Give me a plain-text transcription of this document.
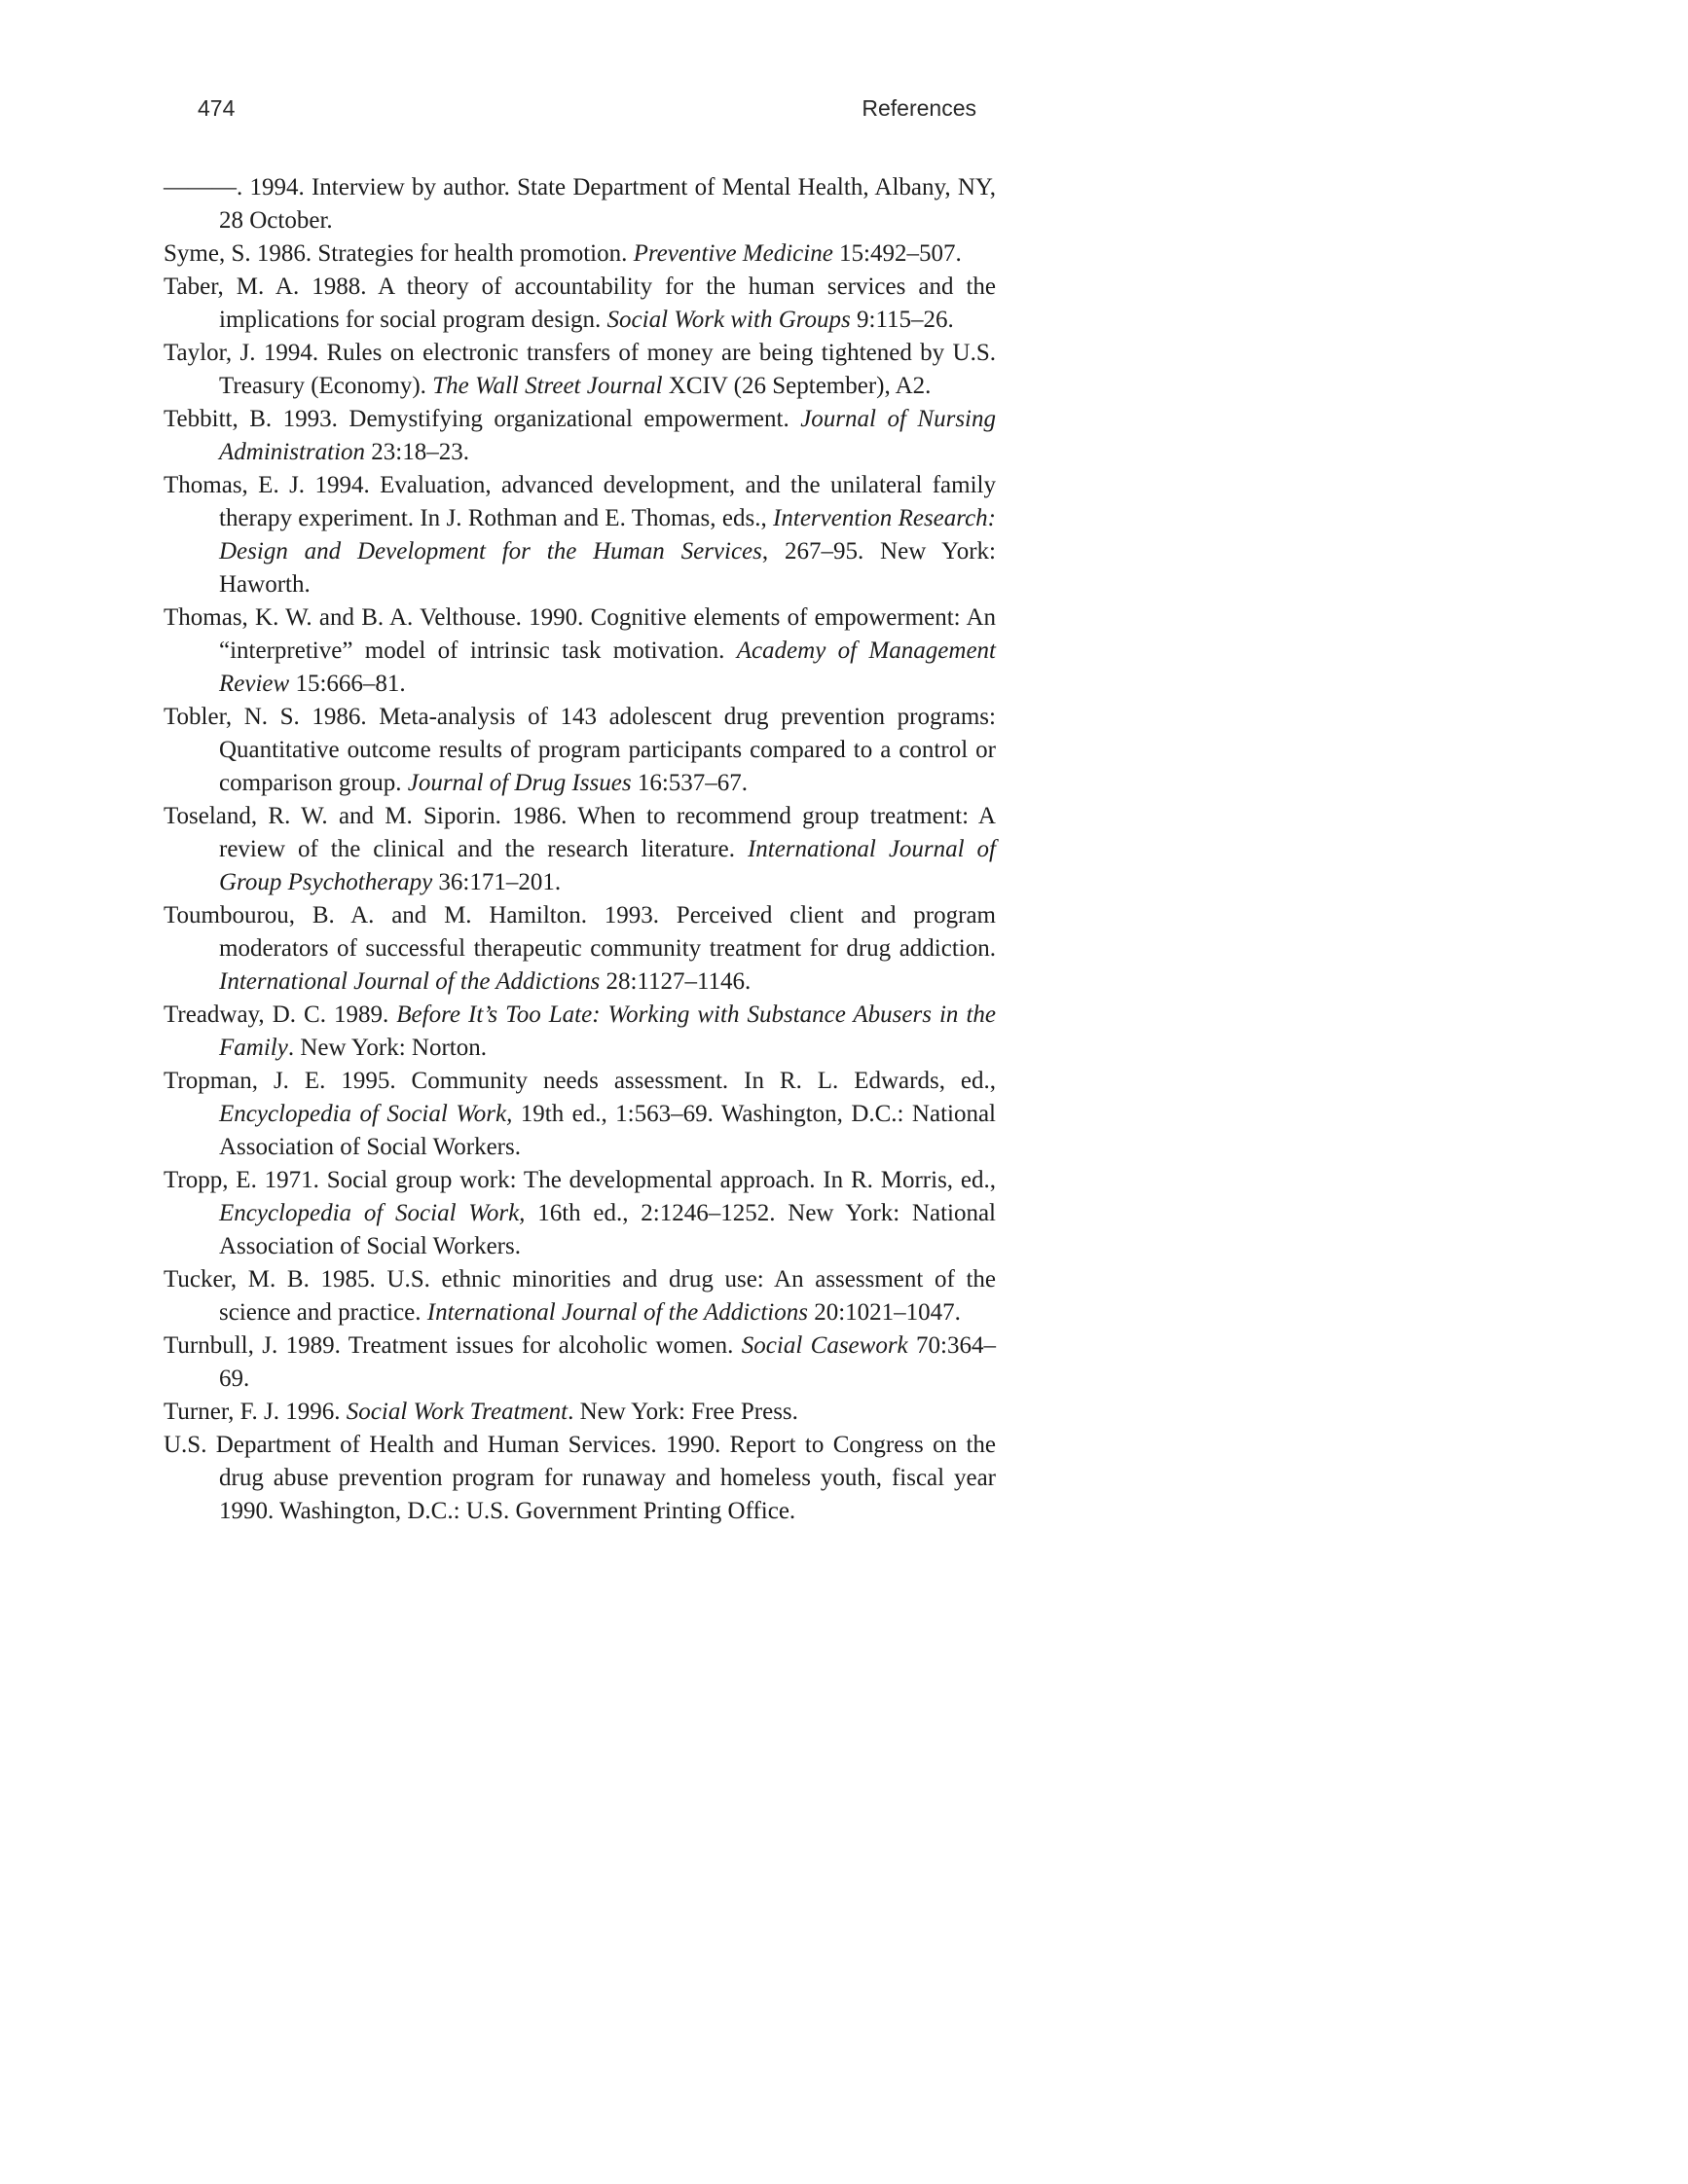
474	References

———. 1994. Interview by author. State Department of Mental Health, Albany, NY, 28 October.

Syme, S. 1986. Strategies for health promotion. Preventive Medicine 15:492–507.

Taber, M. A. 1988. A theory of accountability for the human services and the implications for social program design. Social Work with Groups 9:115–26.

Taylor, J. 1994. Rules on electronic transfers of money are being tightened by U.S. Treasury (Economy). The Wall Street Journal XCIV (26 September), A2.

Tebbitt, B. 1993. Demystifying organizational empowerment. Journal of Nursing Administration 23:18–23.

Thomas, E. J. 1994. Evaluation, advanced development, and the unilateral family therapy experiment. In J. Rothman and E. Thomas, eds., Intervention Research: Design and Development for the Human Services, 267–95. New York: Haworth.

Thomas, K. W. and B. A. Velthouse. 1990. Cognitive elements of empowerment: An “interpretive” model of intrinsic task motivation. Academy of Management Review 15:666–81.

Tobler, N. S. 1986. Meta-analysis of 143 adolescent drug prevention programs: Quantitative outcome results of program participants compared to a control or comparison group. Journal of Drug Issues 16:537–67.

Toseland, R. W. and M. Siporin. 1986. When to recommend group treatment: A review of the clinical and the research literature. International Journal of Group Psychotherapy 36:171–201.

Toumbourou, B. A. and M. Hamilton. 1993. Perceived client and program moderators of successful therapeutic community treatment for drug addiction. International Journal of the Addictions 28:1127–1146.

Treadway, D. C. 1989. Before It’s Too Late: Working with Substance Abusers in the Family. New York: Norton.

Tropman, J. E. 1995. Community needs assessment. In R. L. Edwards, ed., Encyclopedia of Social Work, 19th ed., 1:563–69. Washington, D.C.: National Association of Social Workers.

Tropp, E. 1971. Social group work: The developmental approach. In R. Morris, ed., Encyclopedia of Social Work, 16th ed., 2:1246–1252. New York: National Association of Social Workers.

Tucker, M. B. 1985. U.S. ethnic minorities and drug use: An assessment of the science and practice. International Journal of the Addictions 20:1021–1047.

Turnbull, J. 1989. Treatment issues for alcoholic women. Social Casework 70:364–69.

Turner, F. J. 1996. Social Work Treatment. New York: Free Press.

U.S. Department of Health and Human Services. 1990. Report to Congress on the drug abuse prevention program for runaway and homeless youth, fiscal year 1990. Washington, D.C.: U.S. Government Printing Office.
